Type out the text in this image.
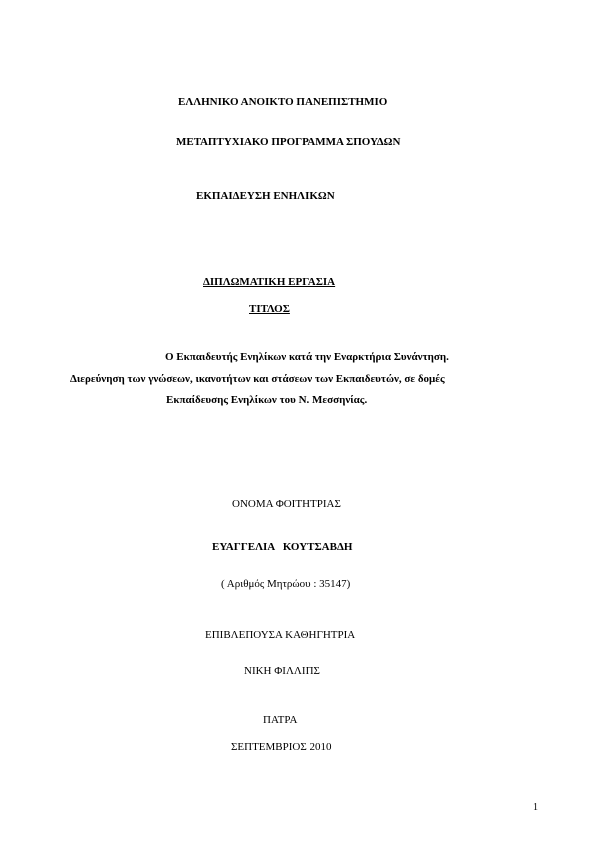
ΕΛΛΗΝΙΚΟ ΑΝΟΙΚΤΟ ΠΑΝΕΠΙΣΤΗΜΙΟ
ΜΕΤΑΠΤΥΧΙΑΚΟ ΠΡΟΓΡΑΜΜΑ ΣΠΟΥΔΩΝ
ΕΚΠΑΙΔΕΥΣΗ ΕΝΗΛΙΚΩΝ
ΔΙΠΛΩΜΑΤΙΚΗ ΕΡΓΑΣΙΑ
ΤΙΤΛΟΣ
Ο Εκπαιδευτής Ενηλίκων κατά την Εναρκτήρια Συνάντηση.
Διερεύνηση των γνώσεων, ικανοτήτων και στάσεων των Εκπαιδευτών, σε δομές
Εκπαίδευσης Ενηλίκων του Ν. Μεσσηνίας.
ΟΝΟΜΑ ΦΟΙΤΗΤΡΙΑΣ
ΕΥΑΓΓΕΛΙΑ   ΚΟΥΤΣΑΒΔΗ
( Αριθμός Μητρώου : 35147)
ΕΠΙΒΛΕΠΟΥΣΑ ΚΑΘΗΓΗΤΡΙΑ
ΝΙΚΗ ΦΙΛΛΙΠΣ
ΠΑΤΡΑ
ΣΕΠΤΕΜΒΡΙΟΣ 2010
1
